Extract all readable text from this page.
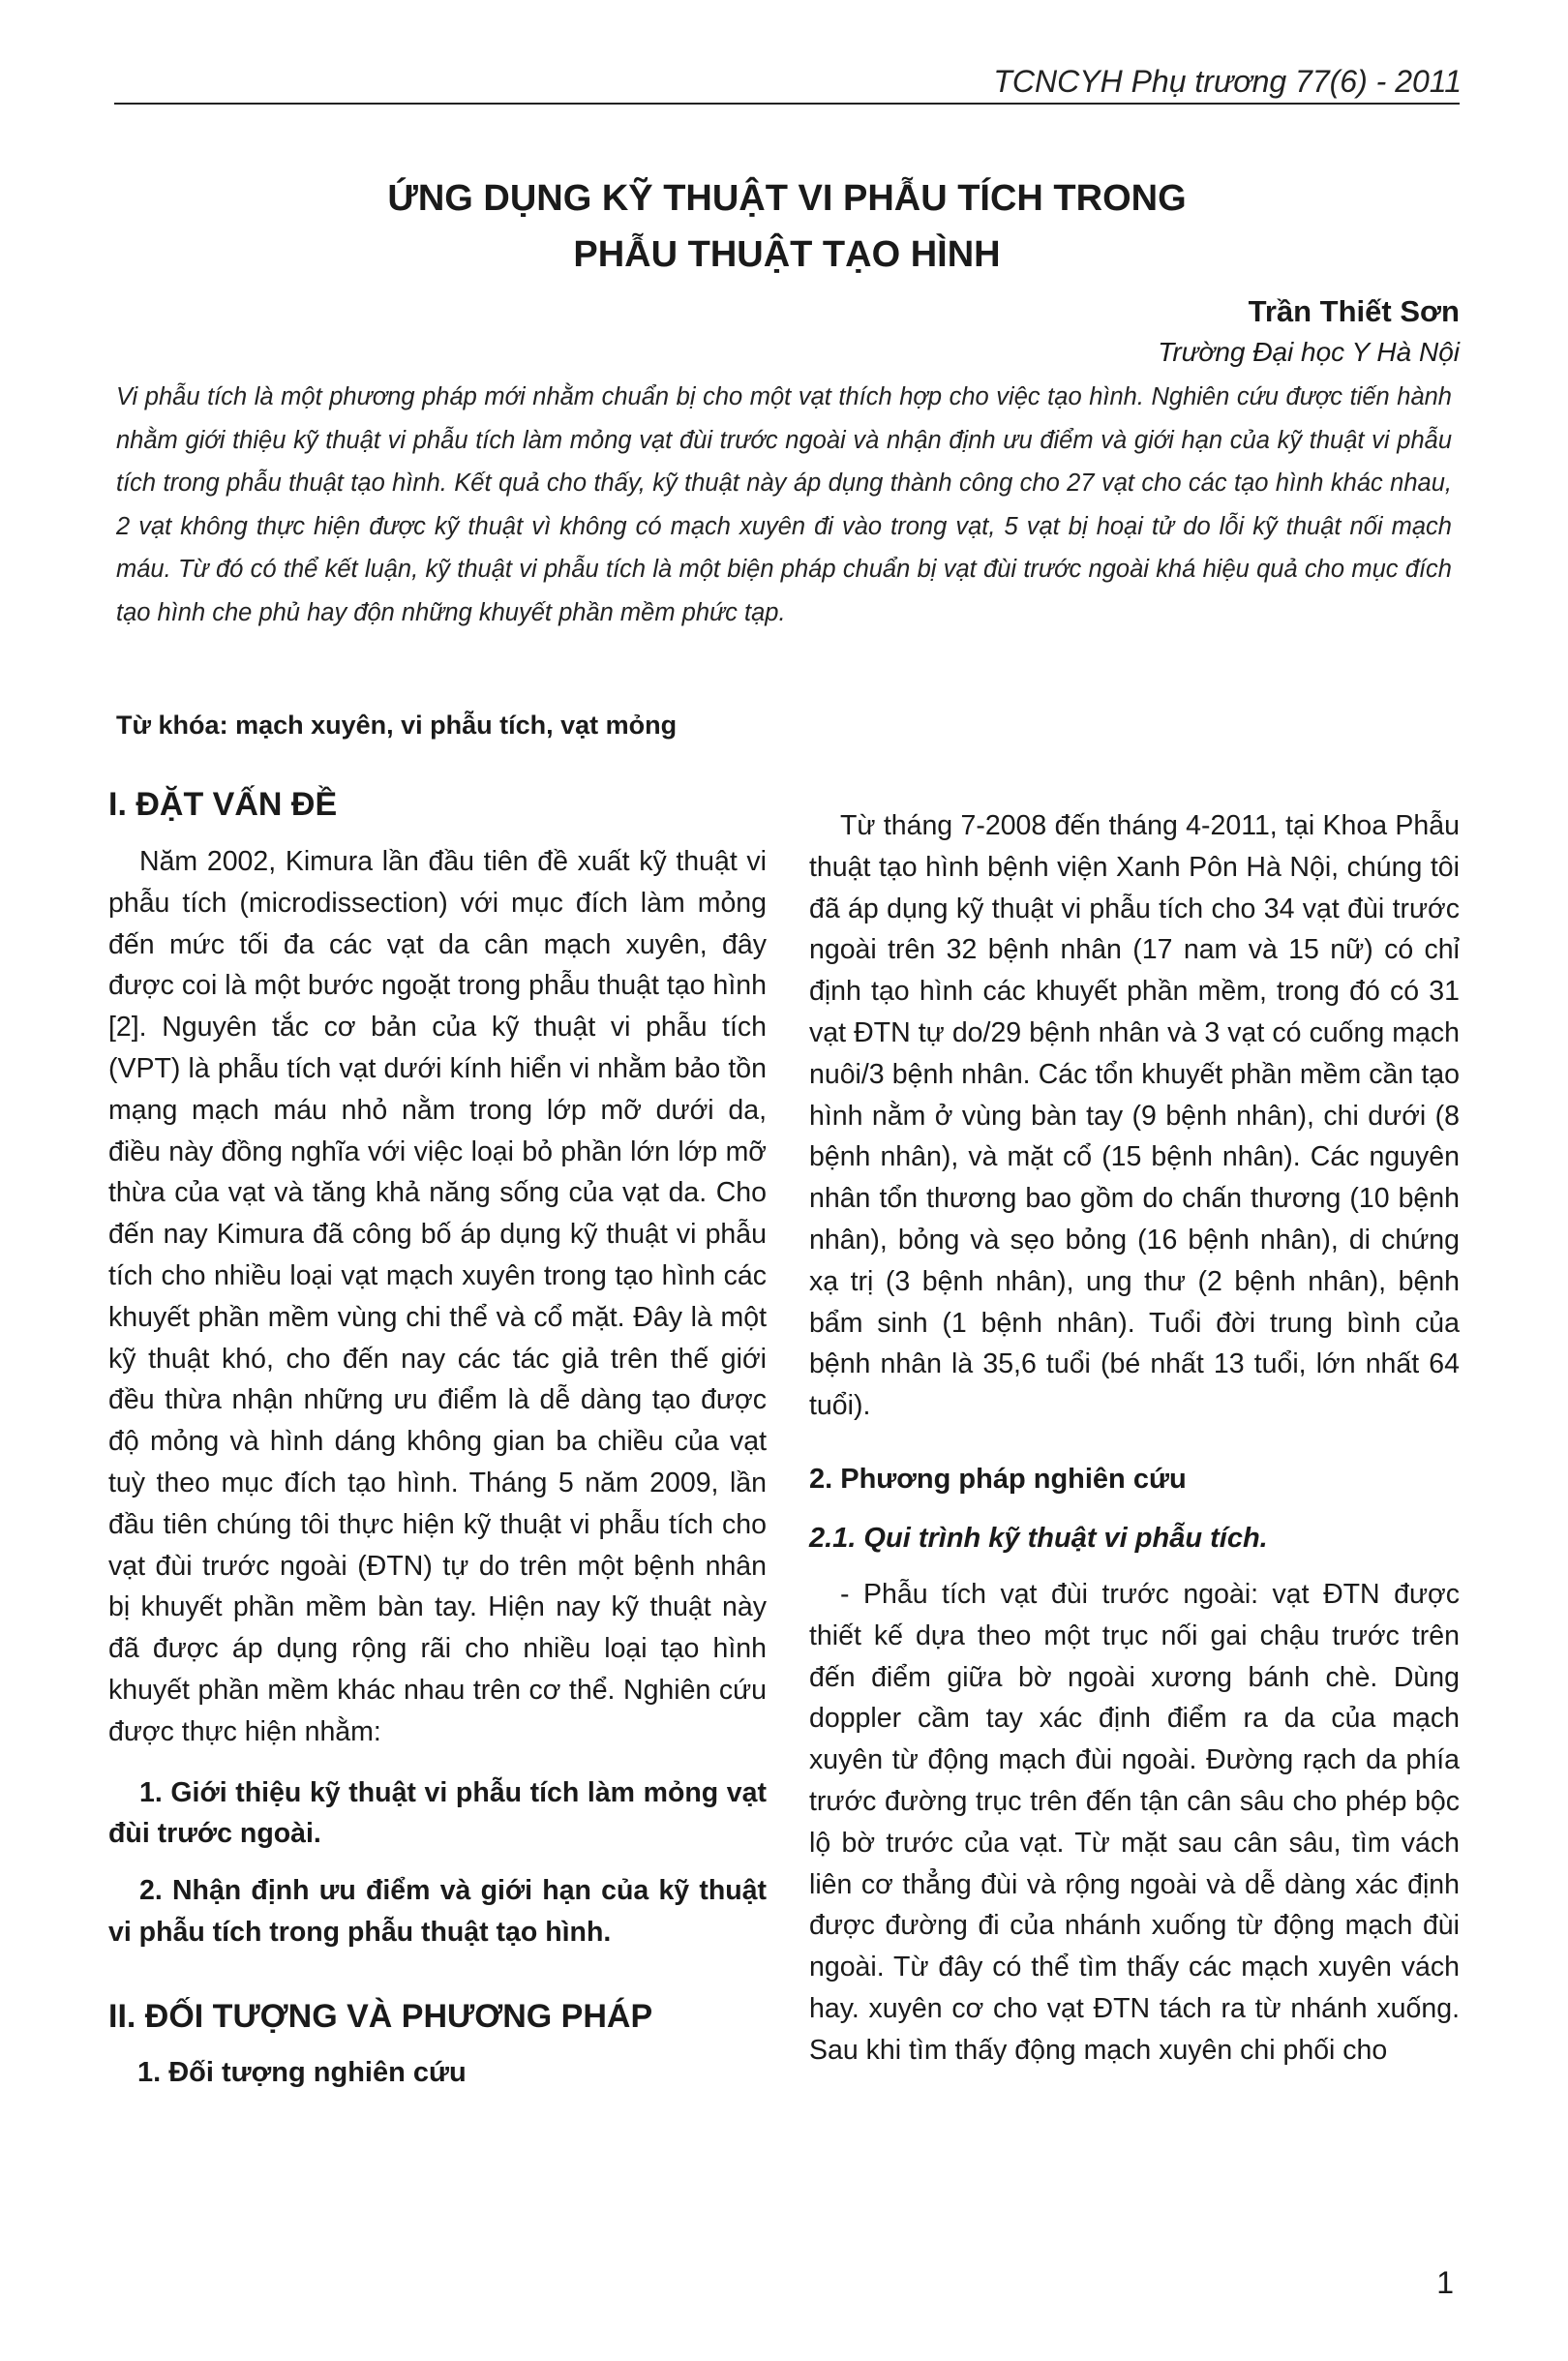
TCNCYH Phụ trương 77(6) - 2011
ỨNG DỤNG KỸ THUẬT VI PHẪU TÍCH TRONG
PHẪU THUẬT TẠO HÌNH
Trần Thiết Sơn
Trường Đại học Y Hà Nội
Vi phẫu tích là một phương pháp mới nhằm chuẩn bị cho một vạt thích hợp cho việc tạo hình. Nghiên cứu được tiến hành nhằm giới thiệu kỹ thuật vi phẫu tích làm mỏng vạt đùi trước ngoài và nhận định ưu điểm và giới hạn của kỹ thuật vi phẫu tích trong phẫu thuật tạo hình. Kết quả cho thấy, kỹ thuật này áp dụng thành công cho 27 vạt cho các tạo hình khác nhau, 2 vạt không thực hiện được kỹ thuật vì không có mạch xuyên đi vào trong vạt, 5 vạt bị hoại tử do lỗi kỹ thuật nối mạch máu. Từ đó có thể kết luận, kỹ thuật vi phẫu tích là một biện pháp chuẩn bị vạt đùi trước ngoài khá hiệu quả cho mục đích tạo hình che phủ hay độn những khuyết phần mềm phức tạp.
Từ khóa: mạch xuyên, vi phẫu tích, vạt mỏng
I. ĐẶT VẤN ĐỀ

Năm 2002, Kimura lần đầu tiên đề xuất kỹ thuật vi phẫu tích (microdissection) với mục đích làm mỏng đến mức tối đa các vạt da cân mạch xuyên, đây được coi là một bước ngoặt trong phẫu thuật tạo hình [2]. Nguyên tắc cơ bản của kỹ thuật vi phẫu tích (VPT) là phẫu tích vạt dưới kính hiển vi nhằm bảo tồn mạng mạch máu nhỏ nằm trong lớp mỡ dưới da, điều này đồng nghĩa với việc loại bỏ phần lớn lớp mỡ thừa của vạt và tăng khả năng sống của vạt da. Cho đến nay Kimura đã công bố áp dụng kỹ thuật vi phẫu tích cho nhiều loại vạt mạch xuyên trong tạo hình các khuyết phần mềm vùng chi thể và cổ mặt. Đây là một kỹ thuật khó, cho đến nay các tác giả trên thế giới đều thừa nhận những ưu điểm là dễ dàng tạo được độ mỏng và hình dáng không gian ba chiều của vạt tuỳ theo mục đích tạo hình. Tháng 5 năm 2009, lần đầu tiên chúng tôi thực hiện kỹ thuật vi phẫu tích cho vạt đùi trước ngoài (ĐTN) tự do trên một bệnh nhân bị khuyết phần mềm bàn tay. Hiện nay kỹ thuật này đã được áp dụng rộng rãi cho nhiều loại tạo hình khuyết phần mềm khác nhau trên cơ thể. Nghiên cứu được thực hiện nhằm:

1. Giới thiệu kỹ thuật vi phẫu tích làm mỏng vạt đùi trước ngoài.

2. Nhận định ưu điểm và giới hạn của kỹ thuật vi phẫu tích trong phẫu thuật tạo hình.

II. ĐỐI TƯỢNG VÀ PHƯƠNG PHÁP
1. Đối tượng nghiên cứu

Từ tháng 7-2008 đến tháng 4-2011, tại Khoa Phẫu thuật tạo hình bệnh viện Xanh Pôn Hà Nội, chúng tôi đã áp dụng kỹ thuật vi phẫu tích cho 34 vạt đùi trước ngoài trên 32 bệnh nhân (17 nam và 15 nữ) có chỉ định tạo hình các khuyết phần mềm, trong đó có 31 vạt ĐTN tự do/29 bệnh nhân và 3 vạt có cuống mạch nuôi/3 bệnh nhân. Các tổn khuyết phần mềm cần tạo hình nằm ở vùng bàn tay (9 bệnh nhân), chi dưới (8 bệnh nhân), và mặt cổ (15 bệnh nhân). Các nguyên nhân tổn thương bao gồm do chấn thương (10 bệnh nhân), bỏng và sẹo bỏng (16 bệnh nhân), di chứng xạ trị (3 bệnh nhân), ung thư (2 bệnh nhân), bệnh bẩm sinh (1 bệnh nhân). Tuổi đời trung bình của bệnh nhân là 35,6 tuổi (bé nhất 13 tuổi, lớn nhất 64 tuổi).

2. Phương pháp nghiên cứu
2.1. Qui trình kỹ thuật vi phẫu tích.

- Phẫu tích vạt đùi trước ngoài: vạt ĐTN được thiết kế dựa theo một trục nối gai chậu trước trên đến điểm giữa bờ ngoài xương bánh chè. Dùng doppler cầm tay xác định điểm ra da của mạch xuyên từ động mạch đùi ngoài. Đường rạch da phía trước đường trục trên đến tận cân sâu cho phép bộc lộ bờ trước của vạt. Từ mặt sau cân sâu, tìm vách liên cơ thẳng đùi và rộng ngoài và dễ dàng xác định được đường đi của nhánh xuống từ động mạch đùi ngoài. Từ đây có thể tìm thấy các mạch xuyên vách hay. xuyên cơ cho vạt ĐTN tách ra từ nhánh xuống. Sau khi tìm thấy động mạch xuyên chi phối cho

1
